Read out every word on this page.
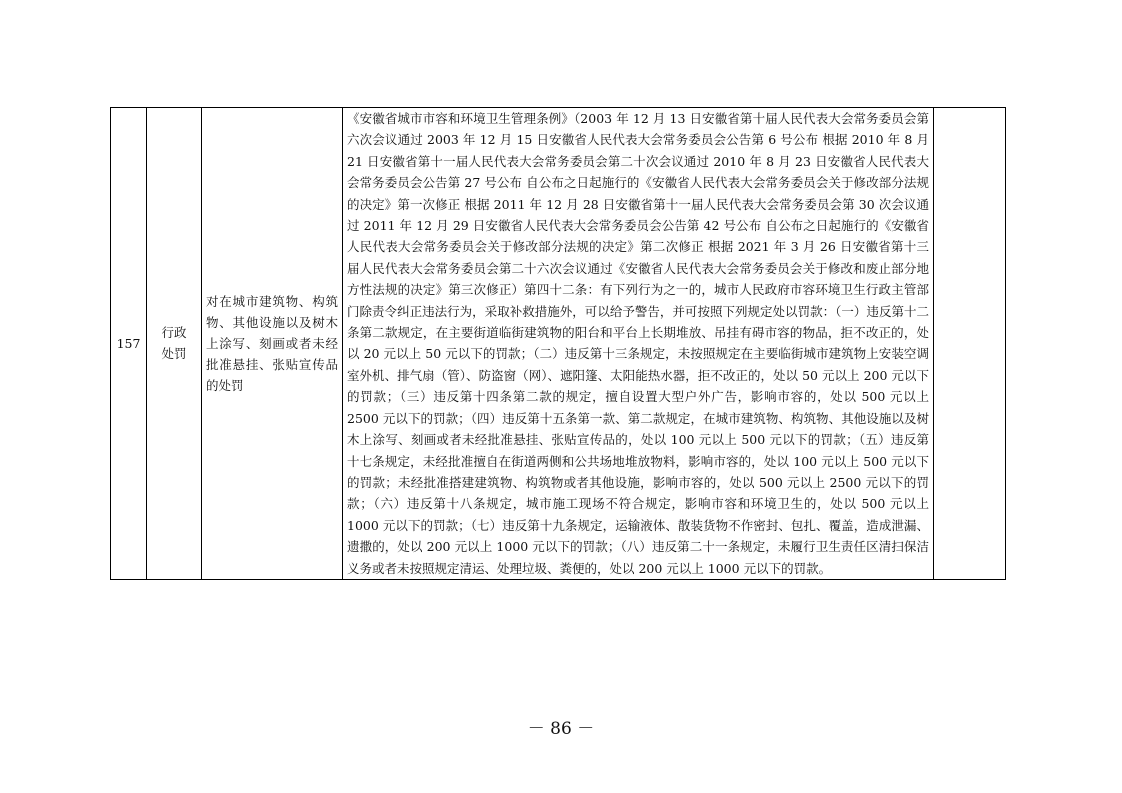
157	行政处罚	对在城市建筑物、构筑物、其他设施以及树木上涂写、刻画或者未经批准悬挂、张贴宣传品的处罚	《安徽省城市市容和环境卫生管理条例》（2003 年 12 月 13 日安徽省第十届人民代表大会常务委员会第六次会议通过 2003 年 12 月 15 日安徽省人民代表大会常务委员会公告第 6 号公布 根据 2010 年 8 月 21 日安徽省第十一届人民代表大会常务委员会第二十次会议通过 2010 年 8 月 23 日安徽省人民代表大会常务委员会公告第 27 号公布 自公布之日起施行的《安徽省人民代表大会常务委员会关于修改部分法规的决定》第一次修正 根据 2011 年 12 月 28 日安徽省第十一届人民代表大会常务委员会第 30 次会议通过 2011 年 12 月 29 日安徽省人民代表大会常务委员会公告第 42 号公布 自公布之日起施行的《安徽省人民代表大会常务委员会关于修改部分法规的决定》第二次修正 根据 2021 年 3 月 26 日安徽省第十三届人民代表大会常务委员会第二十六次会议通过《安徽省人民代表大会常务委员会关于修改和废止部分地方性法规的决定》第三次修正）第四十二条：有下列行为之一的，城市人民政府市容环境卫生行政主管部门除责令纠正违法行为，采取补救措施外，可以给予警告，并可按照下列规定处以罚款：（一）违反第十二条第二款规定，在主要街道临街建筑物的阳台和平台上长期堆放、吊挂有碍市容的物品，拒不改正的，处以 20 元以上 50 元以下的罚款；（二）违反第十三条规定，未按照规定在主要临街城市建筑物上安装空调室外机、排气扇（管）、防盗窗（网）、遮阳篷、太阳能热水器，拒不改正的，处以 50 元以上 200 元以下的罚款；（三）违反第十四条第二款的规定，擅自设置大型户外广告，影响市容的，处以 500 元以上 2500 元以下的罚款；（四）违反第十五条第一款、第二款规定，在城市建筑物、构筑物、其他设施以及树木上涂写、刻画或者未经批准悬挂、张贴宣传品的，处以 100 元以上 500 元以下的罚款；（五）违反第十七条规定，未经批准擅自在街道两侧和公共场地堆放物料，影响市容的，处以 100 元以上 500 元以下的罚款；未经批准搭建建筑物、构筑物或者其他设施，影响市容的，处以 500 元以上 2500 元以下的罚款；（六）违反第十八条规定，城市施工现场不符合规定，影响市容和环境卫生的，处以 500 元以上 1000 元以下的罚款；（七）违反第十九条规定，运输液体、散装货物不作密封、包扎、覆盖，造成泄漏、遗撒的，处以 200 元以上 1000 元以下的罚款；（八）违反第二十一条规定，未履行卫生责任区清扫保洁义务或者未按照规定清运、处理垃圾、粪便的，处以 200 元以上 1000 元以下的罚款。	
－ 86 －
